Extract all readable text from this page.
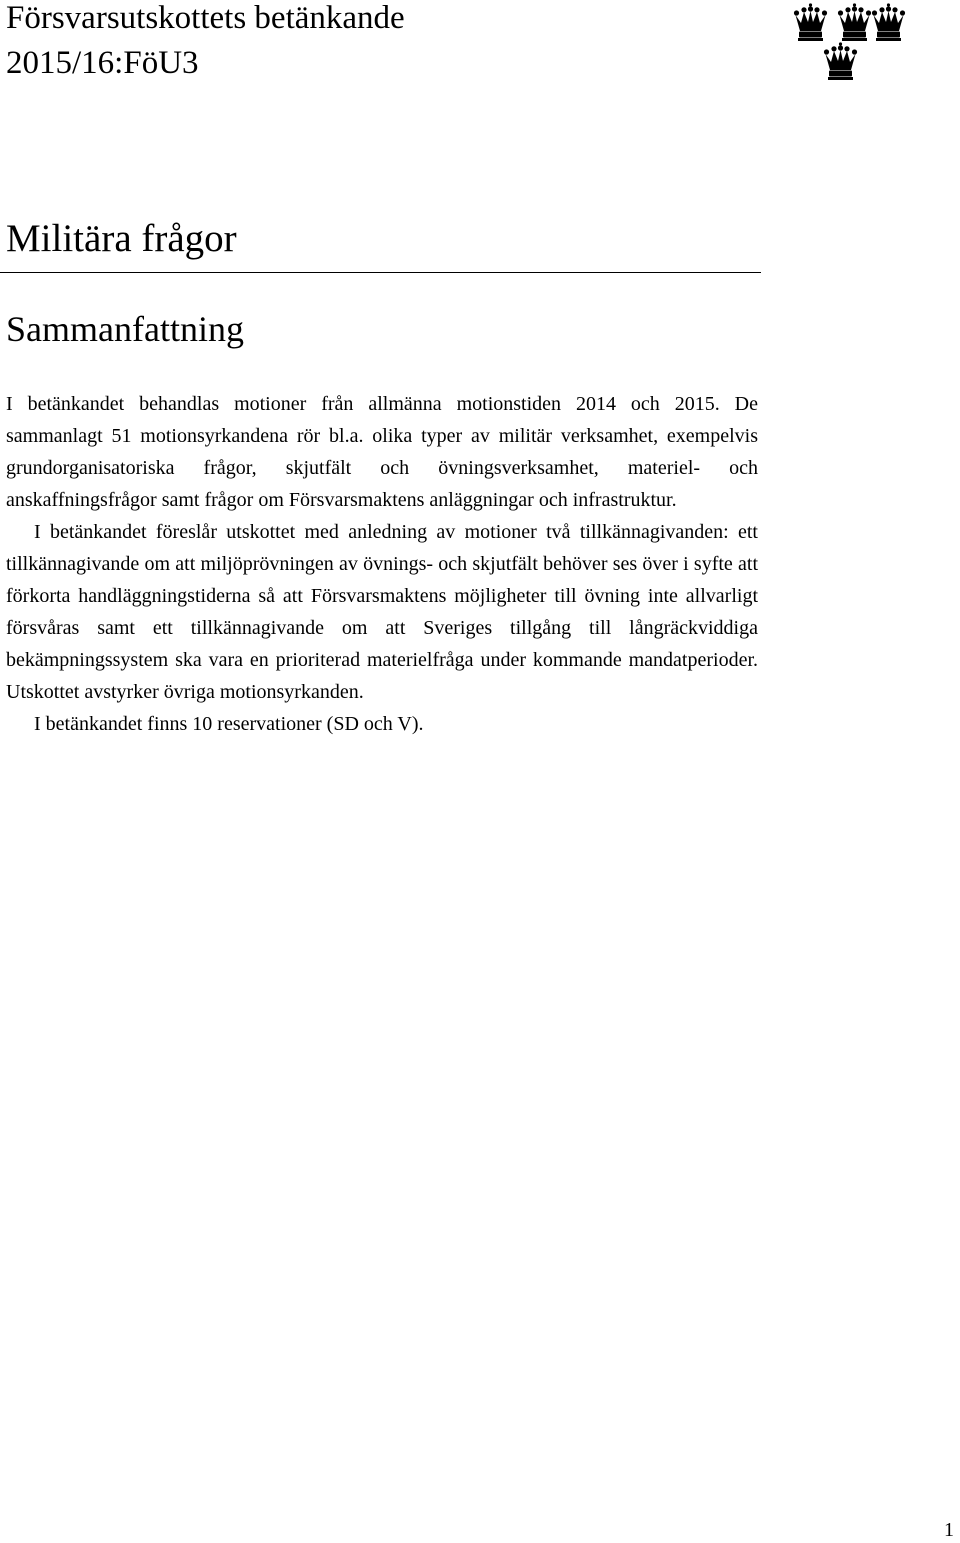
Försvarsutskottets betänkande
2015/16:FöU3
Militära frågor
Sammanfattning

I betänkandet behandlas motioner från allmänna motionstiden 2014 och 2015. De sammanlagt 51 motionsyrkandena rör bl.a. olika typer av militär verksamhet, exempelvis grundorganisatoriska frågor, skjutfält och övningsverksamhet, materiel- och anskaffningsfrågor samt frågor om Försvarsmaktens anläggningar och infrastruktur.

I betänkandet föreslår utskottet med anledning av motioner två tillkännagivanden: ett tillkännagivande om att miljöprövningen av övnings- och skjutfält behöver ses över i syfte att förkorta handläggningstiderna så att Försvarsmaktens möjligheter till övning inte allvarligt försvåras samt ett tillkännagivande om att Sveriges tillgång till långräckviddiga bekämpningssystem ska vara en prioriterad materielfråga under kommande mandatperioder. Utskottet avstyrker övriga motionsyrkanden.

I betänkandet finns 10 reservationer (SD och V).

1
